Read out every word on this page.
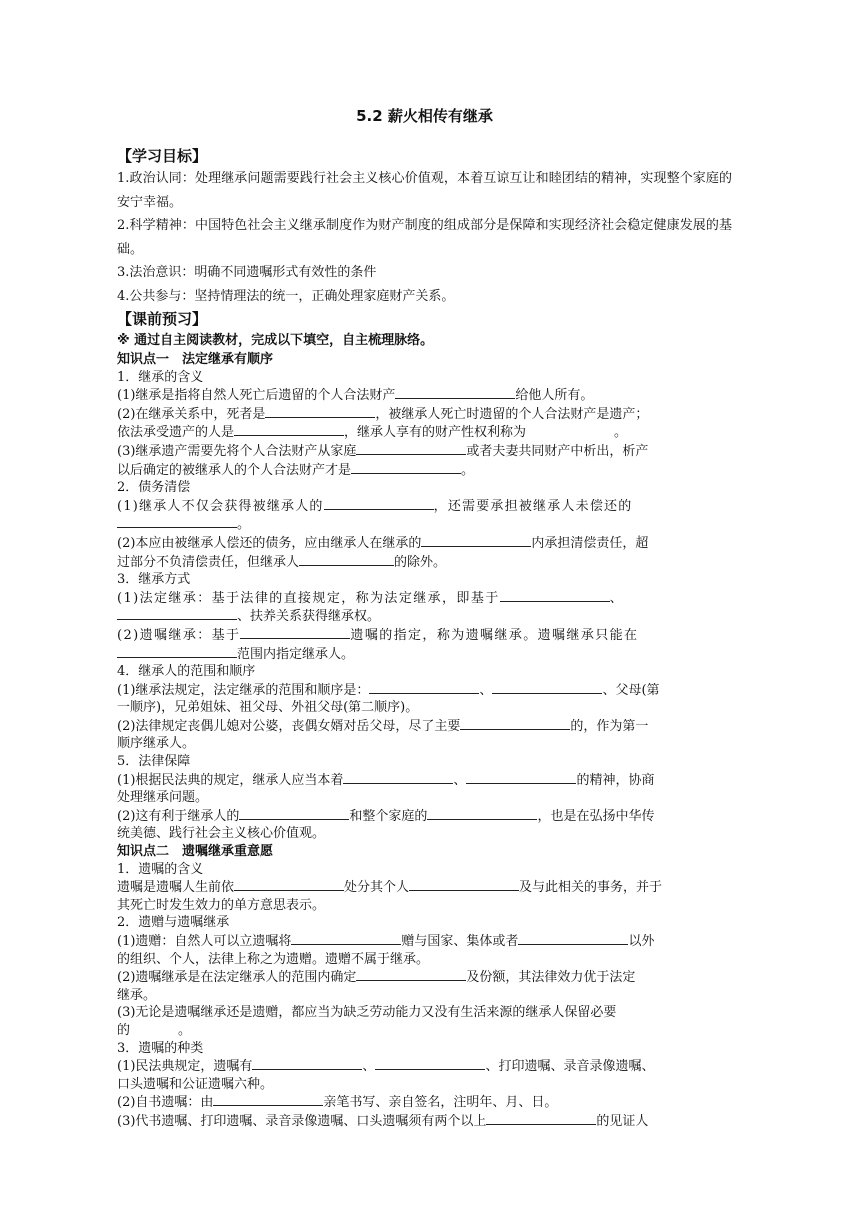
5.2 薪火相传有继承
【学习目标】
1.政治认同：处理继承问题需要践行社会主义核心价值观，本着互谅互让和睦团结的精神，实现整个家庭的安宁幸福。
2.科学精神：中国特色社会主义继承制度作为财产制度的组成部分是保障和实现经济社会稳定健康发展的基础。
3.法治意识：明确不同遗嘱形式有效性的条件
4.公共参与：坚持情理法的统一，正确处理家庭财产关系。
【课前预习】
※ 通过自主阅读教材，完成以下填空，自主梳理脉络。
知识点一　法定继承有顺序
1．继承的含义
(1)继承是指将自然人死亡后遗留的个人合法财产	给他人所有。
(2)在继承关系中，死者是	，被继承人死亡时遗留的个人合法财产是遗产；
依法承受遗产的人是	，继承人享有的财产性权利称为	。
(3)继承遗产需要先将个人合法财产从家庭	或者夫妻共同财产中析出，析产
以后确定的被继承人的个人合法财产才是	。
2．债务清偿
(1)继承人不仅会获得被继承人的	，还需要承担被继承人未偿还的
。
(2)本应由被继承人偿还的债务，应由继承人在继承的	内承担清偿责任，超
过部分不负清偿责任，但继承人	的除外。
3．继承方式
(1)法定继承：基于法律的直接规定，称为法定继承，即基于	、
、扶养关系获得继承权。
(2)遗嘱继承：基于	遗嘱的指定，称为遗嘱继承。遗嘱继承只能在
范围内指定继承人。
4．继承人的范围和顺序
(1)继承法规定，法定继承的范围和顺序是：	、	、父母(第
一顺序)，兄弟姐妹、祖父母、外祖父母(第二顺序)。
(2)法律规定丧偶儿媳对公婆，丧偶女婿对岳父母，尽了主要	的，作为第一
顺序继承人。
5．法律保障
(1)根据民法典的规定，继承人应当本着	、	的精神，协商
处理继承问题。
(2)这有利于继承人的	和整个家庭的	，也是在弘扬中华传
统美德、践行社会主义核心价值观。
知识点二　遗嘱继承重意愿
1．遗嘱的含义
遗嘱是遗嘱人生前依	处分其个人	及与此相关的事务，并于
其死亡时发生效力的单方意思表示。
2．遗赠与遗嘱继承
(1)遗赠：自然人可以立遗嘱将	赠与国家、集体或者	以外
的组织、个人，法律上称之为遗赠。遗赠不属于继承。
(2)遗嘱继承是在法定继承人的范围内确定	及份额，其法律效力优于法定
继承。
(3)无论是遗嘱继承还是遗赠，都应当为缺乏劳动能力又没有生活来源的继承人保留必要
的	。
3．遗嘱的种类
(1)民法典规定，遗嘱有	、	、打印遗嘱、录音录像遗嘱、
口头遗嘱和公证遗嘱六种。
(2)自书遗嘱：由	亲笔书写、亲自签名，注明年、月、日。
(3)代书遗嘱、打印遗嘱、录音录像遗嘱、口头遗嘱须有两个以上	的见证人
